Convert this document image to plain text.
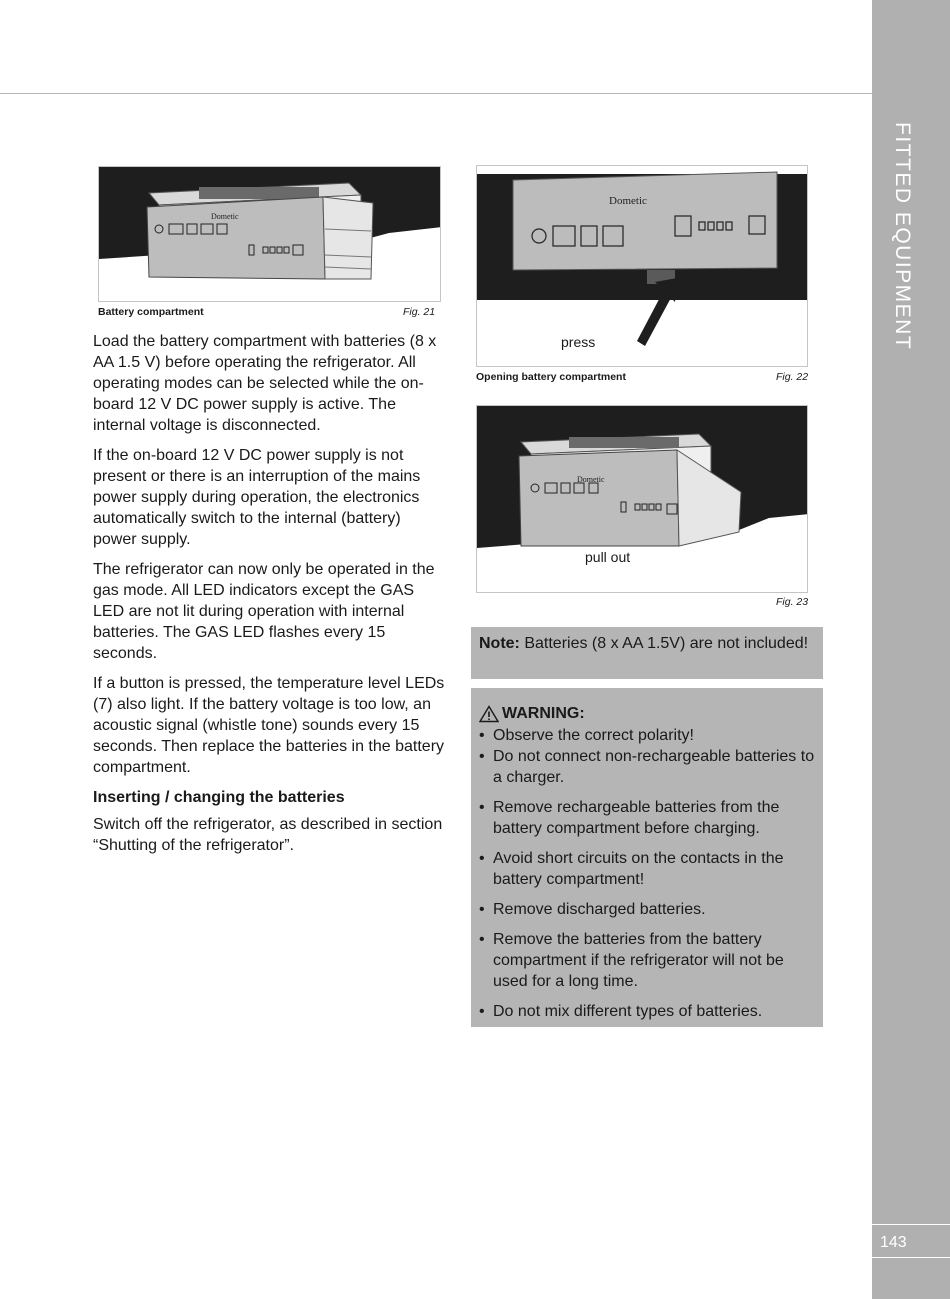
FITTED EQUIPMENT
143
Dometic
Battery compartment	Fig. 21
Dometic
press
Opening battery compartment	Fig. 22
Dometic
pull out
Fig. 23

Load the battery compartment with batteries (8 x AA 1.5 V) before operating the refrigerator. All operating modes can be selected while the on-board 12 V DC power supply is active. The internal voltage is disconnected.

If the on-board 12 V DC power supply is not present or there is an interruption of the mains power supply during operation, the electronics automatically switch to the internal (battery) power supply.

The refrigerator can now only be operated in the gas mode. All LED indicators except the GAS LED are not lit during operation with internal batteries. The GAS LED flashes every 15 seconds.

If a button is pressed, the temperature level LEDs (7) also light. If the battery voltage is too low, an acoustic signal (whistle tone) sounds every 15 seconds. Then replace the batteries in the battery compartment.

Inserting / changing the batteries

Switch off the refrigerator, as described in section “Shutting of the refrigerator”.

Note: Batteries (8 x AA 1.5V) are not included!
WARNING:
• Observe the correct polarity!
• Do not connect non-rechargeable batteries to a charger.
• Remove rechargeable batteries from the battery compartment before charging.
• Avoid short circuits on the contacts in the battery compartment!
• Remove discharged batteries.
• Remove the batteries from the battery compartment if the refrigerator will not be used for a long time.
• Do not mix different types of batteries.
